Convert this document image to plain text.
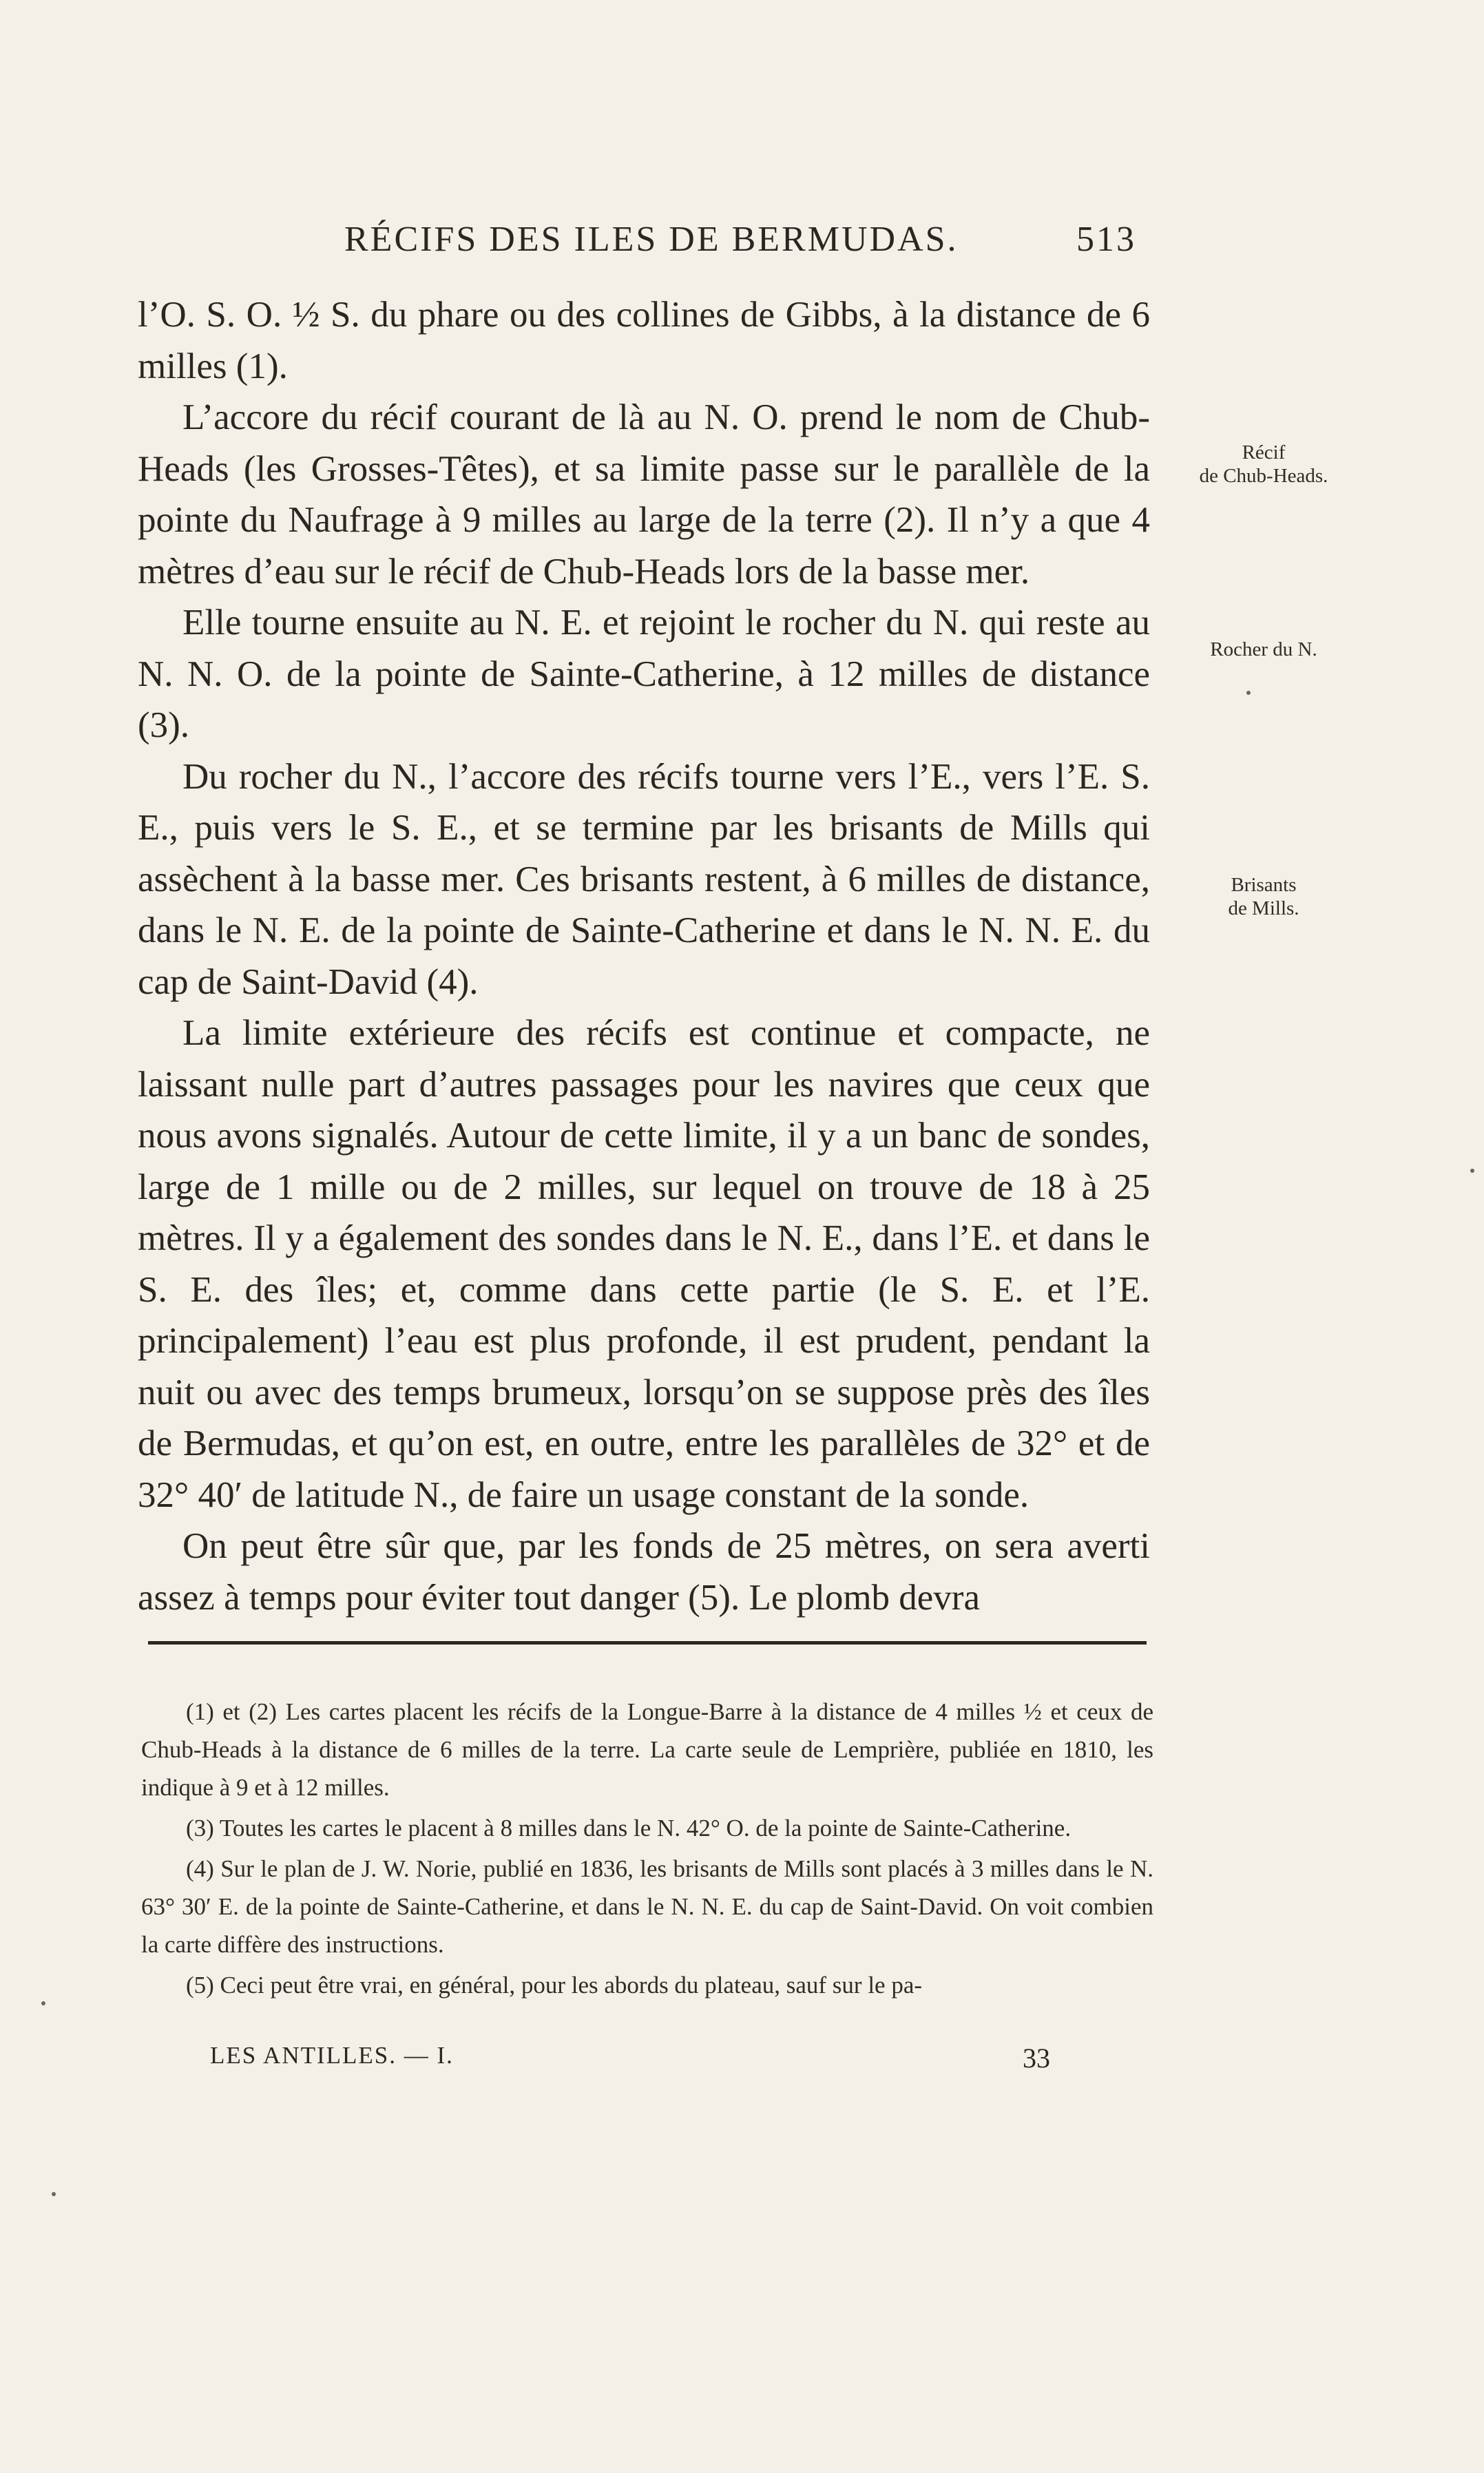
RÉCIFS DES ILES DE BERMUDAS.	513

l’O. S. O. ½ S. du phare ou des collines de Gibbs, à la distance de 6 milles (1).

L’accore du récif courant de là au N. O. prend le nom de Chub-Heads (les Grosses-Têtes), et sa limite passe sur le parallèle de la pointe du Naufrage à 9 milles au large de la terre (2). Il n’y a que 4 mètres d’eau sur le récif de Chub-Heads lors de la basse mer.

Elle tourne ensuite au N. E. et rejoint le rocher du N. qui reste au N. N. O. de la pointe de Sainte-Catherine, à 12 milles de distance (3).

Du rocher du N., l’accore des récifs tourne vers l’E., vers l’E. S. E., puis vers le S. E., et se termine par les brisants de Mills qui assèchent à la basse mer. Ces brisants restent, à 6 milles de distance, dans le N. E. de la pointe de Sainte-Catherine et dans le N. N. E. du cap de Saint-David (4).

La limite extérieure des récifs est continue et compacte, ne laissant nulle part d’autres passages pour les navires que ceux que nous avons signalés. Autour de cette limite, il y a un banc de sondes, large de 1 mille ou de 2 milles, sur lequel on trouve de 18 à 25 mètres. Il y a également des sondes dans le N. E., dans l’E. et dans le S. E. des îles; et, comme dans cette partie (le S. E. et l’E. principalement) l’eau est plus profonde, il est prudent, pendant la nuit ou avec des temps brumeux, lorsqu’on se suppose près des îles de Bermudas, et qu’on est, en outre, entre les parallèles de 32° et de 32° 40′ de latitude N., de faire un usage constant de la sonde.

On peut être sûr que, par les fonds de 25 mètres, on sera averti assez à temps pour éviter tout danger (5). Le plomb devra

Récif
de Chub-Heads.
Rocher du N.
Brisants
de Mills.

(1) et (2) Les cartes placent les récifs de la Longue-Barre à la distance de 4 milles ½ et ceux de Chub-Heads à la distance de 6 milles de la terre. La carte seule de Lemprière, publiée en 1810, les indique à 9 et à 12 milles.

(3) Toutes les cartes le placent à 8 milles dans le N. 42° O. de la pointe de Sainte-Catherine.

(4) Sur le plan de J. W. Norie, publié en 1836, les brisants de Mills sont placés à 3 milles dans le N. 63° 30′ E. de la pointe de Sainte-Catherine, et dans le N. N. E. du cap de Saint-David. On voit combien la carte diffère des instructions.

(5) Ceci peut être vrai, en général, pour les abords du plateau, sauf sur le pa-

LES ANTILLES. — I.	33
